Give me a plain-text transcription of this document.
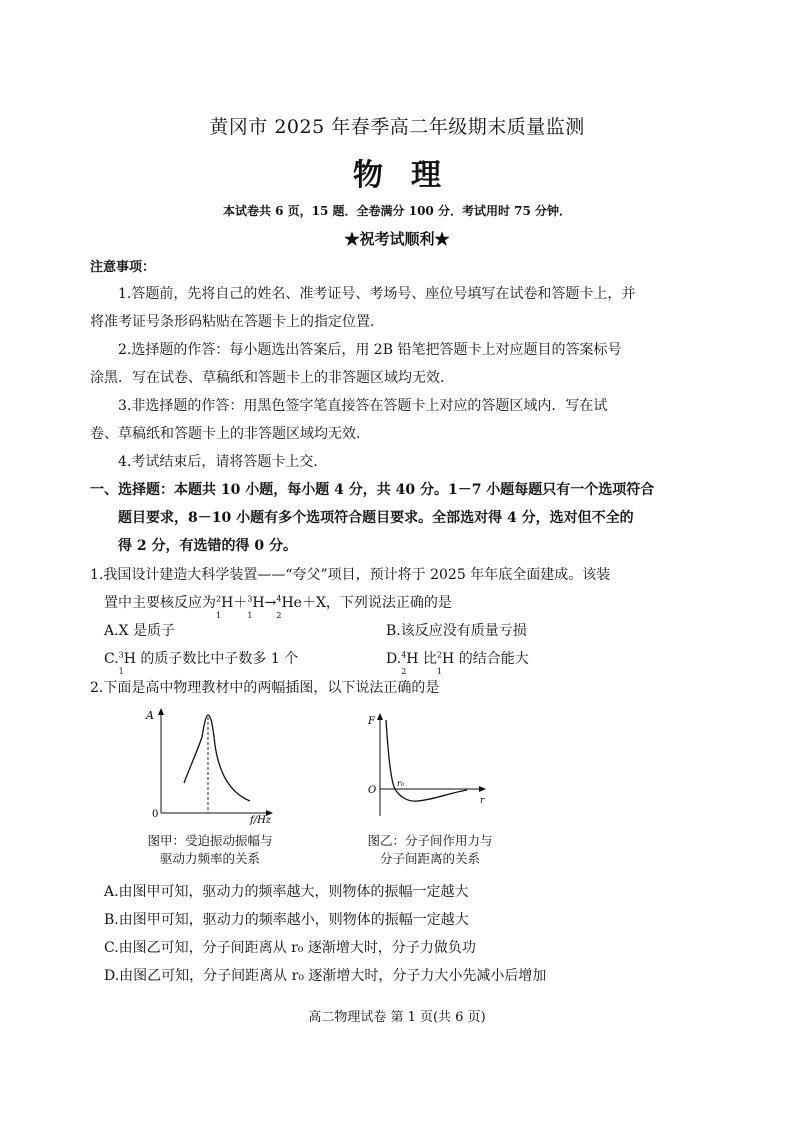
黄冈市 2025 年春季高二年级期末质量监测
物理
本试卷共 6 页，15 题．全卷满分 100 分．考试用时 75 分钟．
★祝考试顺利★
注意事项：
1.答题前，先将自己的姓名、准考证号、考场号、座位号填写在试卷和答题卡上，并
将准考证号条形码粘贴在答题卡上的指定位置．
2.选择题的作答：每小题选出答案后，用 2B 铅笔把答题卡上对应题目的答案标号
涂黑．写在试卷、草稿纸和答题卡上的非答题区域均无效．
3.非选择题的作答：用黑色签字笔直接答在答题卡上对应的答题区域内．写在试
卷、草稿纸和答题卡上的非答题区域均无效．
4.考试结束后，请将答题卡上交．
一、选择题：本题共 10 小题，每小题 4 分，共 40 分。1－7 小题每题只有一个选项符合
题目要求，8－10 小题有多个选项符合题目要求。全部选对得 4 分，选对但不全的
得 2 分，有选错的得 0 分。
1.我国设计建造大科学装置——“夸父”项目，预计将于 2025 年年底全面建成。该装
置中主要核反应为$^2$
1
H＋$^3$
1
H→$^4$
2
He＋X，下列说法正确的是
A.X 是质子	B.该反应没有质量亏损
C.$^3$
1
H 的质子数比中子数多 1 个	D.$^4$
2
H 比$^2$
1
H 的结合能大
2.下面是高中物理教材中的两幅插图，以下说法正确的是
A
0
f/Hz
图甲：受迫振动振幅与
驱动力频率的关系
F
O
r₀
r
图乙：分子间作用力与
分子间距离的关系
A.由图甲可知，驱动力的频率越大，则物体的振幅一定越大
B.由图甲可知，驱动力的频率越小，则物体的振幅一定越大
C.由图乙可知，分子间距离从 r₀ 逐渐增大时，分子力做负功
D.由图乙可知，分子间距离从 r₀ 逐渐增大时，分子力大小先减小后增加
高二物理试卷 第 1 页(共 6 页)
